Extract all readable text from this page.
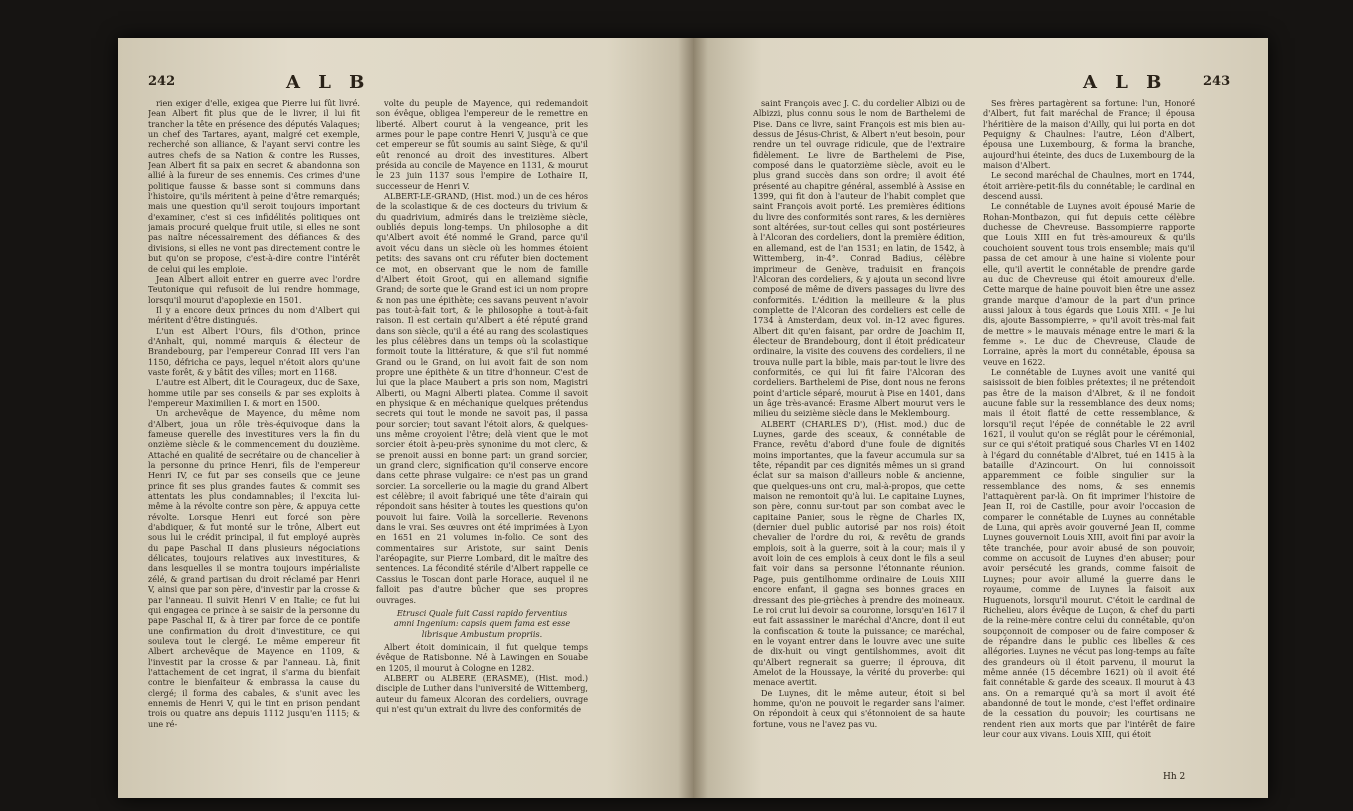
242	A L B

rien exiger d'elle, exigea que Pierre lui fût livré. Jean Albert fit plus que de le livrer, il lui fit trancher la tête en présence des députés Valaques; un chef des Tartares, ayant, malgré cet exemple, recherché son alliance, & l'ayant servi contre les autres chefs de sa Nation & contre les Russes, Jean Albert fit sa paix en secret & abandonna son allié à la fureur de ses ennemis. Ces crimes d'une politique fausse & basse sont si communs dans l'histoire, qu'ils méritent à peine d'être remarqués; mais une question qu'il seroit toujours important d'examiner, c'est si ces infidélités politiques ont jamais procuré quelque fruit utile, si elles ne sont pas naître nécessairement des défiances & des divisions, si elles ne vont pas directement contre le but qu'on se propose, c'est-à-dire contre l'intérêt de celui qui les emploie.

Jean Albert alloit entrer en guerre avec l'ordre Teutonique qui refusoit de lui rendre hommage, lorsqu'il mourut d'apoplexie en 1501.

Il y a encore deux princes du nom d'Albert qui méritent d'être distingués.

L'un est Albert l'Ours, fils d'Othon, prince d'Anhalt, qui, nommé marquis & électeur de Brandebourg, par l'empereur Conrad III vers l'an 1150, défricha ce pays, lequel n'étoit alors qu'une vaste forêt, & y bâtit des villes; mort en 1168.

L'autre est Albert, dit le Courageux, duc de Saxe, homme utile par ses conseils & par ses exploits à l'empereur Maximilien I. & mort en 1500.

Un archevêque de Mayence, du même nom d'Albert, joua un rôle très-équivoque dans la fameuse querelle des investitures vers la fin du onzième siècle & le commencement du douzième. Attaché en qualité de secrétaire ou de chancelier à la personne du prince Henri, fils de l'empereur Henri IV, ce fut par ses conseils que ce jeune prince fit ses plus grandes fautes & commit ses attentats les plus condamnables; il l'excita lui-même à la révolte contre son père, & appuya cette révolte. Lorsque Henri eut forcé son père d'abdiquer, & fut monté sur le trône, Albert eut sous lui le crédit principal, il fut employé auprès du pape Paschal II dans plusieurs négociations délicates, toujours relatives aux investitures, & dans lesquelles il se montra toujours impérialiste zélé, & grand partisan du droit réclamé par Henri V, ainsi que par son père, d'investir par la crosse & par l'anneau. Il suivit Henri V en Italie; ce fut lui qui engagea ce prince à se saisir de la personne du pape Paschal II, & à tirer par force de ce pontife une confirmation du droit d'investiture, ce qui souleva tout le clergé. Le même empereur fit Albert archevêque de Mayence en 1109, & l'investit par la crosse & par l'anneau. Là, finit l'attachement de cet ingrat, il s'arma du bienfait contre le bienfaiteur & embrassa la cause du clergé; il forma des cabales, & s'unit avec les ennemis de Henri V, qui le tint en prison pendant trois ou quatre ans depuis 1112 jusqu'en 1115; & une ré-

volte du peuple de Mayence, qui redemandoit son évêque, obligea l'empereur de le remettre en liberté. Albert courut à la vengeance, prit les armes pour le pape contre Henri V, jusqu'à ce que cet empereur se fût soumis au saint Siège, & qu'il eût renoncé au droit des investitures. Albert présida au concile de Mayence en 1131, & mourut le 23 juin 1137 sous l'empire de Lothaire II, successeur de Henri V.

ALBERT-LE-GRAND, (Hist. mod.) un de ces héros de la scolastique & de ces docteurs du trivium & du quadrivium, admirés dans le treizième siècle, oubliés depuis long-temps. Un philosophe a dit qu'Albert avoit été nommé le Grand, parce qu'il avoit vécu dans un siècle où les hommes étoient petits: des savans ont cru réfuter bien doctement ce mot, en observant que le nom de famille d'Albert étoit Groot, qui en allemand signifie Grand; de sorte que le Grand est ici un nom propre & non pas une épithète; ces savans peuvent n'avoir pas tout-à-fait tort, & le philosophe a tout-à-fait raison. Il est certain qu'Albert a été réputé grand dans son siècle, qu'il a été au rang des scolastiques les plus célèbres dans un temps où la scolastique formoit toute la littérature, & que s'il fut nommé Grand ou le Grand, on lui avoit fait de son nom propre une épithète & un titre d'honneur. C'est de lui que la place Maubert a pris son nom, Magistri Alberti, ou Magni Alberti platea. Comme il savoit en physique & en méchanique quelques prétendus secrets qui tout le monde ne savoit pas, il passa pour sorcier; tout savant l'étoit alors, & quelques-uns même croyoient l'être; delà vient que le mot sorcier étoit à-peu-près synonime du mot clerc, & se prenoit aussi en bonne part: un grand sorcier, un grand clerc, signification qu'il conserve encore dans cette phrase vulgaire: ce n'est pas un grand sorcier. La sorcellerie ou la magie du grand Albert est célèbre; il avoit fabriqué une tête d'airain qui répondoit sans hésiter à toutes les questions qu'on pouvoit lui faire. Voilà la sorcellerie. Revenons dans le vrai. Ses œuvres ont été imprimées à Lyon en 1651 en 21 volumes in-folio. Ce sont des commentaires sur Aristote, sur saint Denis l'aréopagite, sur Pierre Lombard, dit le maître des sentences. La fécondité stérile d'Albert rappelle ce Cassius le Toscan dont parle Horace, auquel il ne falloit pas d'autre bûcher que ses propres ouvrages.

Etrusci Quale fuit Cassi rapido ferventius amni Ingenium: capsis quem fama est esse librisque Ambustum propriis.

Albert étoit dominicain, il fut quelque temps évêque de Ratisbonne. Né à Lawingen en Souabe en 1205, il mourut à Cologne en 1282.

ALBERT ou ALBERE (ERASME), (Hist. mod.) disciple de Luther dans l'université de Wittemberg, auteur du fameux Alcoran des cordeliers, ouvrage qui n'est qu'un extrait du livre des conformités de

A L B	243

saint François avec J. C. du cordelier Albizi ou de Albizzi, plus connu sous le nom de Barthelemi de Pise. Dans ce livre, saint François est mis bien au-dessus de Jésus-Christ, & Albert n'eut besoin, pour rendre un tel ouvrage ridicule, que de l'extraire fidèlement. Le livre de Barthelemi de Pise, composé dans le quatorzième siècle, avoit eu le plus grand succès dans son ordre; il avoit été présenté au chapitre général, assemblé à Assise en 1399, qui fit don à l'auteur de l'habit complet que saint François avoit porté. Les premières éditions du livre des conformités sont rares, & les dernières sont altérées, sur-tout celles qui sont postérieures à l'Alcoran des cordeliers, dont la première édition, en allemand, est de l'an 1531; en latin, de 1542, à Wittemberg, in-4°. Conrad Badius, célèbre imprimeur de Genève, traduisit en françois l'Alcoran des cordeliers, & y ajouta un second livre composé de même de divers passages du livre des conformités. L'édition la meilleure & la plus complette de l'Alcoran des cordeliers est celle de 1734 à Amsterdam, deux vol. in-12 avec figures. Albert dit qu'en faisant, par ordre de Joachim II, électeur de Brandebourg, dont il étoit prédicateur ordinaire, la visite des couvens des cordeliers, il ne trouva nulle part la bible, mais par-tout le livre des conformités, ce qui lui fit faire l'Alcoran des cordeliers. Barthelemi de Pise, dont nous ne ferons point d'article séparé, mourut à Pise en 1401, dans un âge très-avancé: Erasme Albert mourut vers le milieu du seizième siècle dans le Meklembourg.

ALBERT (CHARLES D'), (Hist. mod.) duc de Luynes, garde des sceaux, & connétable de France, revêtu d'abord d'une foule de dignités moins importantes, que la faveur accumula sur sa tête, répandit par ces dignités mêmes un si grand éclat sur sa maison d'ailleurs noble & ancienne, que quelques-uns ont cru, mal-à-propos, que cette maison ne remontoit qu'à lui. Le capitaine Luynes, son père, connu sur-tout par son combat avec le capitaine Panier, sous le règne de Charles IX, (dernier duel public autorisé par nos rois) étoit chevalier de l'ordre du roi, & revêtu de grands emplois, soit à la guerre, soit à la cour; mais il y avoit loin de ces emplois à ceux dont le fils a seul fait voir dans sa personne l'étonnante réunion. Page, puis gentilhomme ordinaire de Louis XIII encore enfant, il gagna ses bonnes graces en dressant des pie-grièches à prendre des moineaux. Le roi crut lui devoir sa couronne, lorsqu'en 1617 il eut fait assassiner le maréchal d'Ancre, dont il eut la confiscation & toute la puissance; ce maréchal, en le voyant entrer dans le louvre avec une suite de dix-huit ou vingt gentilshommes, avoit dit qu'Albert regnerait sa guerre; il éprouva, dit Amelot de la Houssaye, la vérité du proverbe: qui menace avertit.

De Luynes, dit le même auteur, étoit si bel homme, qu'on ne pouvoit le regarder sans l'aimer. On répondoit à ceux qui s'étonnoient de sa haute fortune, vous ne l'avez pas vu.

Ses frères partagèrent sa fortune: l'un, Honoré d'Albert, fut fait maréchal de France; il épousa l'héritière de la maison d'Ailly, qui lui porta en dot Pequigny & Chaulnes: l'autre, Léon d'Albert, épousa une Luxembourg, & forma la branche, aujourd'hui éteinte, des ducs de Luxembourg de la maison d'Albert.

Le second maréchal de Chaulnes, mort en 1744, étoit arrière-petit-fils du connétable; le cardinal en descend aussi.

Le connétable de Luynes avoit épousé Marie de Rohan-Montbazon, qui fut depuis cette célèbre duchesse de Chevreuse. Bassompierre rapporte que Louis XIII en fut très-amoureux & qu'ils couchoient souvent tous trois ensemble; mais qu'il passa de cet amour à une haine si violente pour elle, qu'il avertit le connétable de prendre garde au duc de Chevreuse qui étoit amoureux d'elle. Cette marque de haine pouvoit bien être une assez grande marque d'amour de la part d'un prince aussi jaloux à tous égards que Louis XIII. « Je lui dis, ajoute Bassompierre, » qu'il avoit très-mal fait de mettre » le mauvais ménage entre le mari & la femme ». Le duc de Chevreuse, Claude de Lorraine, après la mort du connétable, épousa sa veuve en 1622.

Le connétable de Luynes avoit une vanité qui saisissoit de bien foibles prétextes; il ne prétendoit pas être de la maison d'Albret, & il ne fondoit aucune fable sur la ressemblance des deux noms; mais il étoit flatté de cette ressemblance, & lorsqu'il reçut l'épée de connétable le 22 avril 1621, il voulut qu'on se réglât pour le cérémonial, sur ce qui s'étoit pratiqué sous Charles VI en 1402 à l'égard du connétable d'Albret, tué en 1415 à la bataille d'Azincourt. On lui connoissoit apparemment ce foible singulier sur la ressemblance des noms, & ses ennemis l'attaquèrent par-là. On fit imprimer l'histoire de Jean II, roi de Castille, pour avoir l'occasion de comparer le connétable de Luynes au connétable de Luna, qui après avoir gouverné Jean II, comme Luynes gouvernoit Louis XIII, avoit fini par avoir la tête tranchée, pour avoir abusé de son pouvoir, comme on accusoit de Luynes d'en abuser; pour avoir persécuté les grands, comme faisoit de Luynes; pour avoir allumé la guerre dans le royaume, comme de Luynes la faisoit aux Huguenots, lorsqu'il mourut. C'étoit le cardinal de Richelieu, alors évêque de Luçon, & chef du parti de la reine-mère contre celui du connétable, qu'on soupçonnoit de composer ou de faire composer & de répandre dans le public ces libelles & ces allégories. Luynes ne vécut pas long-temps au faîte des grandeurs où il étoit parvenu, il mourut la même année (15 décembre 1621) où il avoit été fait connétable & garde des sceaux. Il mourut à 43 ans. On a remarqué qu'à sa mort il avoit été abandonné de tout le monde, c'est l'effet ordinaire de la cessation du pouvoir; les courtisans ne rendent rien aux morts que par l'intérêt de faire leur cour aux vivans. Louis XIII, qui étoit

Hh 2
